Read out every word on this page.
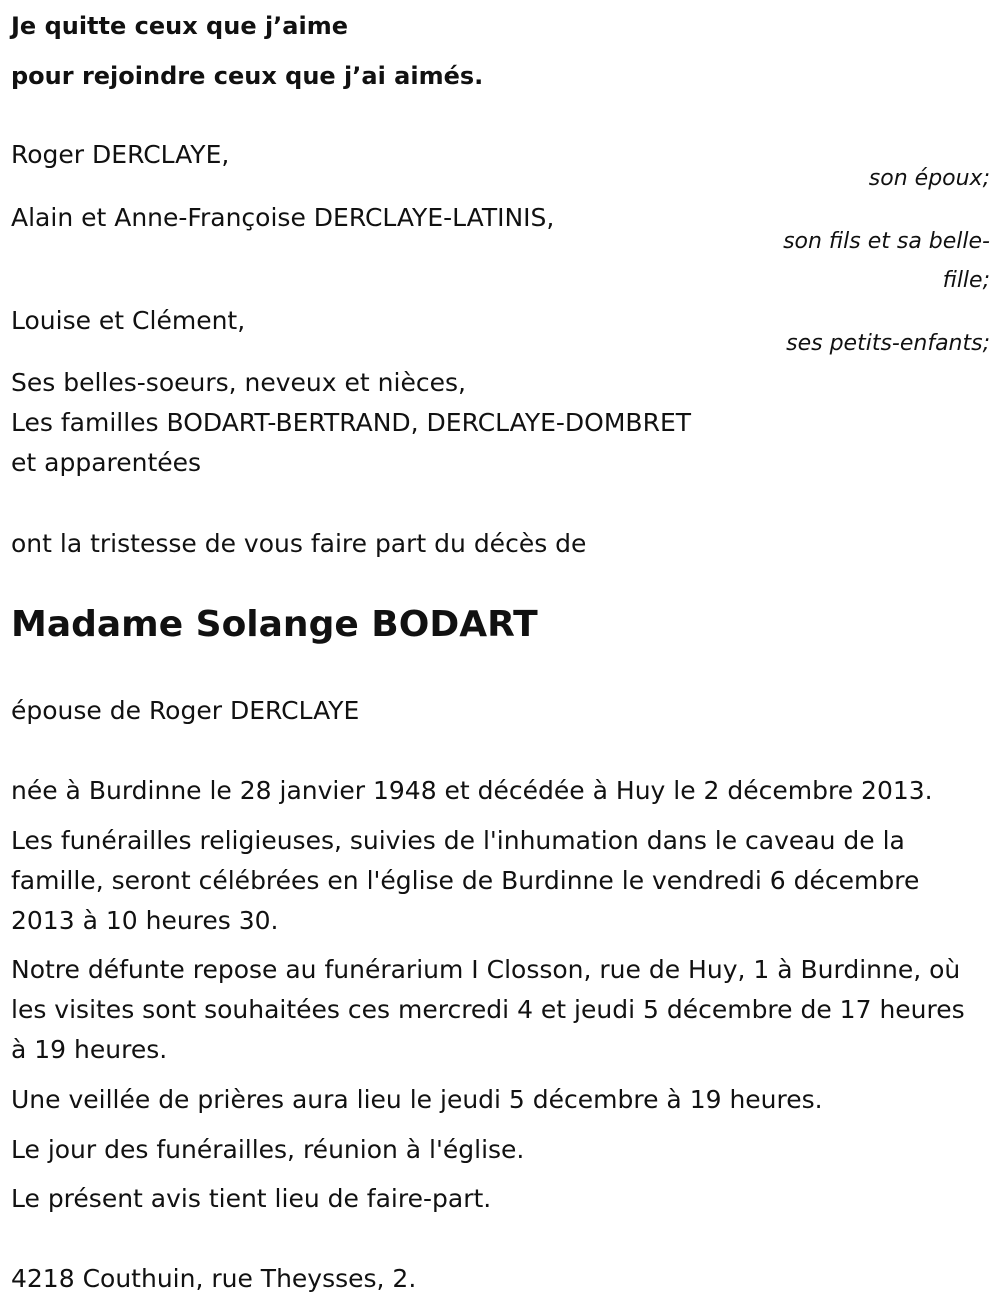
Je quitte ceux que j’aime

pour rejoindre ceux que j’ai aimés.

Roger DERCLAYE,

son époux;

Alain et Anne-Françoise DERCLAYE-LATINIS,

son fils et sa belle-

fille;

Louise et Clément,

ses petits-enfants;

Ses belles-soeurs, neveux et nièces,

Les familles BODART-BERTRAND, DERCLAYE-DOMBRET

et apparentées

ont la tristesse de vous faire part du décès de

Madame Solange BODART

épouse de Roger DERCLAYE

née à Burdinne le 28 janvier 1948 et décédée à Huy le 2 décembre 2013.

Les funérailles religieuses, suivies de l'inhumation dans le caveau de la famille, seront célébrées en l'église de Burdinne le vendredi 6 décembre 2013 à 10 heures 30.

Notre défunte repose au funérarium I Closson, rue de Huy, 1 à Burdinne, où les visites sont souhaitées ces mercredi 4 et jeudi 5 décembre de 17 heures à 19 heures.

Une veillée de prières aura lieu le jeudi 5 décembre à 19 heures.

Le jour des funérailles, réunion à l'église.

Le présent avis tient lieu de faire-part.

4218 Couthuin, rue Theysses, 2.
